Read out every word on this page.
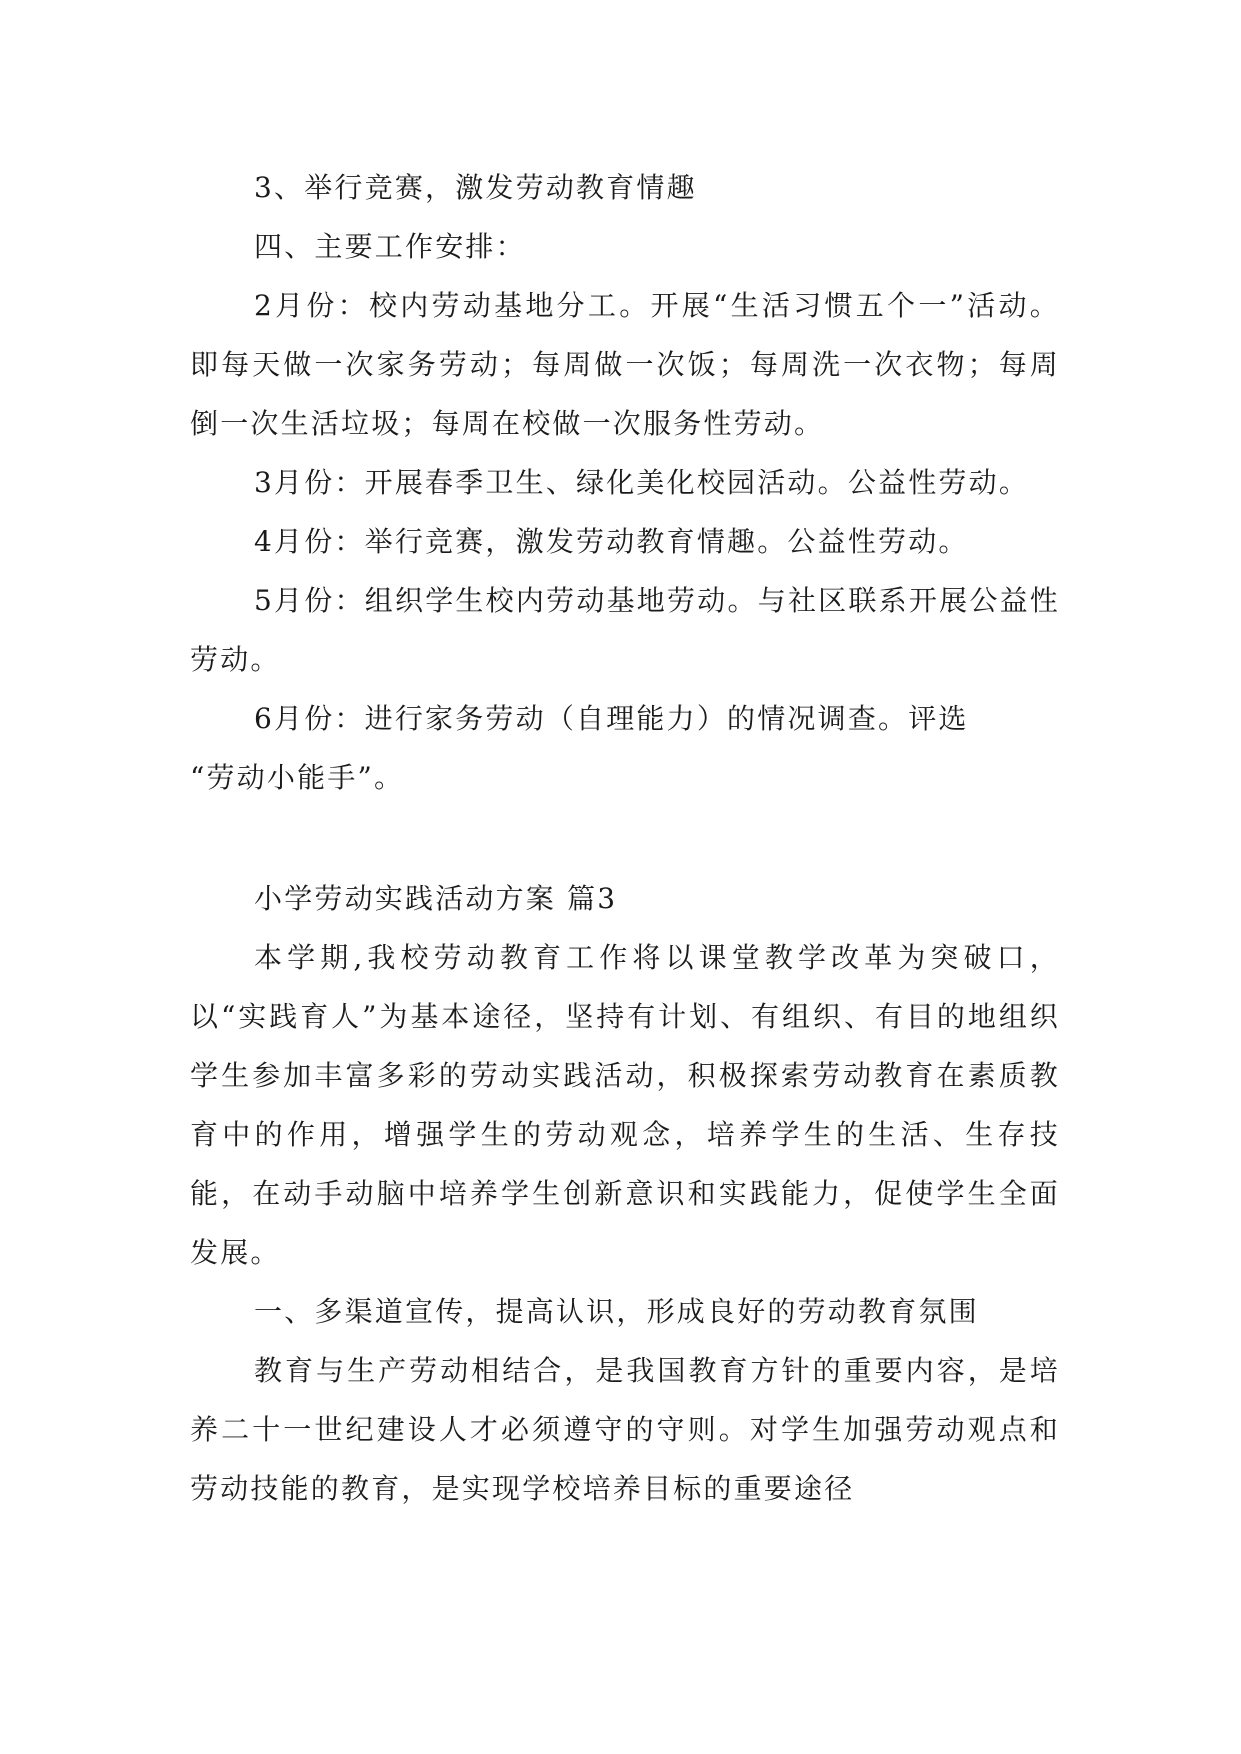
3、举行竞赛，激发劳动教育情趣

四、主要工作安排：

2月份：校内劳动基地分工。开展“生活习惯五个一”活动。即每天做一次家务劳动；每周做一次饭；每周洗一次衣物；每周倒一次生活垃圾；每周在校做一次服务性劳动。

3月份：开展春季卫生、绿化美化校园活动。公益性劳动。

4月份：举行竞赛，激发劳动教育情趣。公益性劳动。

5月份：组织学生校内劳动基地劳动。与社区联系开展公益性劳动。

6月份：进行家务劳动（自理能力）的情况调查。评选

“劳动小能手”。

小学劳动实践活动方案 篇3

本学期,我校劳动教育工作将以课堂教学改革为突破口，以“实践育人”为基本途径，坚持有计划、有组织、有目的地组织学生参加丰富多彩的劳动实践活动，积极探索劳动教育在素质教育中的作用，增强学生的劳动观念，培养学生的生活、生存技能，在动手动脑中培养学生创新意识和实践能力，促使学生全面发展。

一、多渠道宣传，提高认识，形成良好的劳动教育氛围

教育与生产劳动相结合，是我国教育方针的重要内容，是培养二十一世纪建设人才必须遵守的守则。对学生加强劳动观点和劳动技能的教育，是实现学校培养目标的重要途径
